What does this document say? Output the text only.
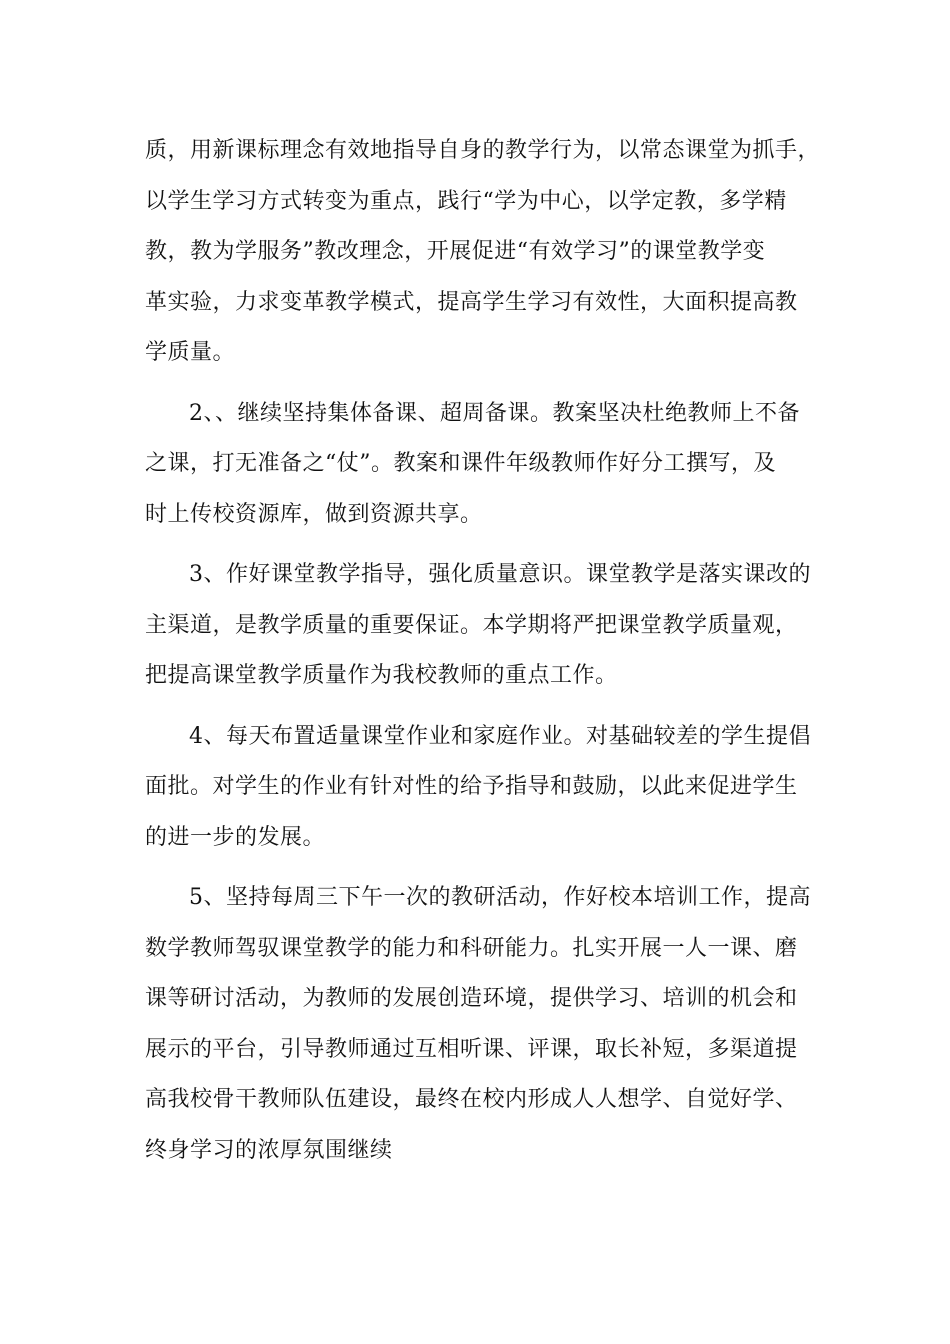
质，用新课标理念有效地指导自身的教学行为，以常态课堂为抓手，
以学生学习方式转变为重点，践行“学为中心，以学定教，多学精
教，教为学服务”教改理念，开展促进“有效学习”的课堂教学变
革实验，力求变革教学模式，提高学生学习有效性，大面积提高教
学质量。
2、、继续坚持集体备课、超周备课。教案坚决杜绝教师上不备
之课，打无准备之“仗”。教案和课件年级教师作好分工撰写，及
时上传校资源库，做到资源共享。
3、作好课堂教学指导，强化质量意识。课堂教学是落实课改的
主渠道，是教学质量的重要保证。本学期将严把课堂教学质量观，
把提高课堂教学质量作为我校教师的重点工作。
4、每天布置适量课堂作业和家庭作业。对基础较差的学生提倡
面批。对学生的作业有针对性的给予指导和鼓励，以此来促进学生
的进一步的发展。
5、坚持每周三下午一次的教研活动，作好校本培训工作，提高
数学教师驾驭课堂教学的能力和科研能力。扎实开展一人一课、磨
课等研讨活动，为教师的发展创造环境，提供学习、培训的机会和
展示的平台，引导教师通过互相听课、评课，取长补短，多渠道提
高我校骨干教师队伍建设，最终在校内形成人人想学、自觉好学、
终身学习的浓厚氛围继续
